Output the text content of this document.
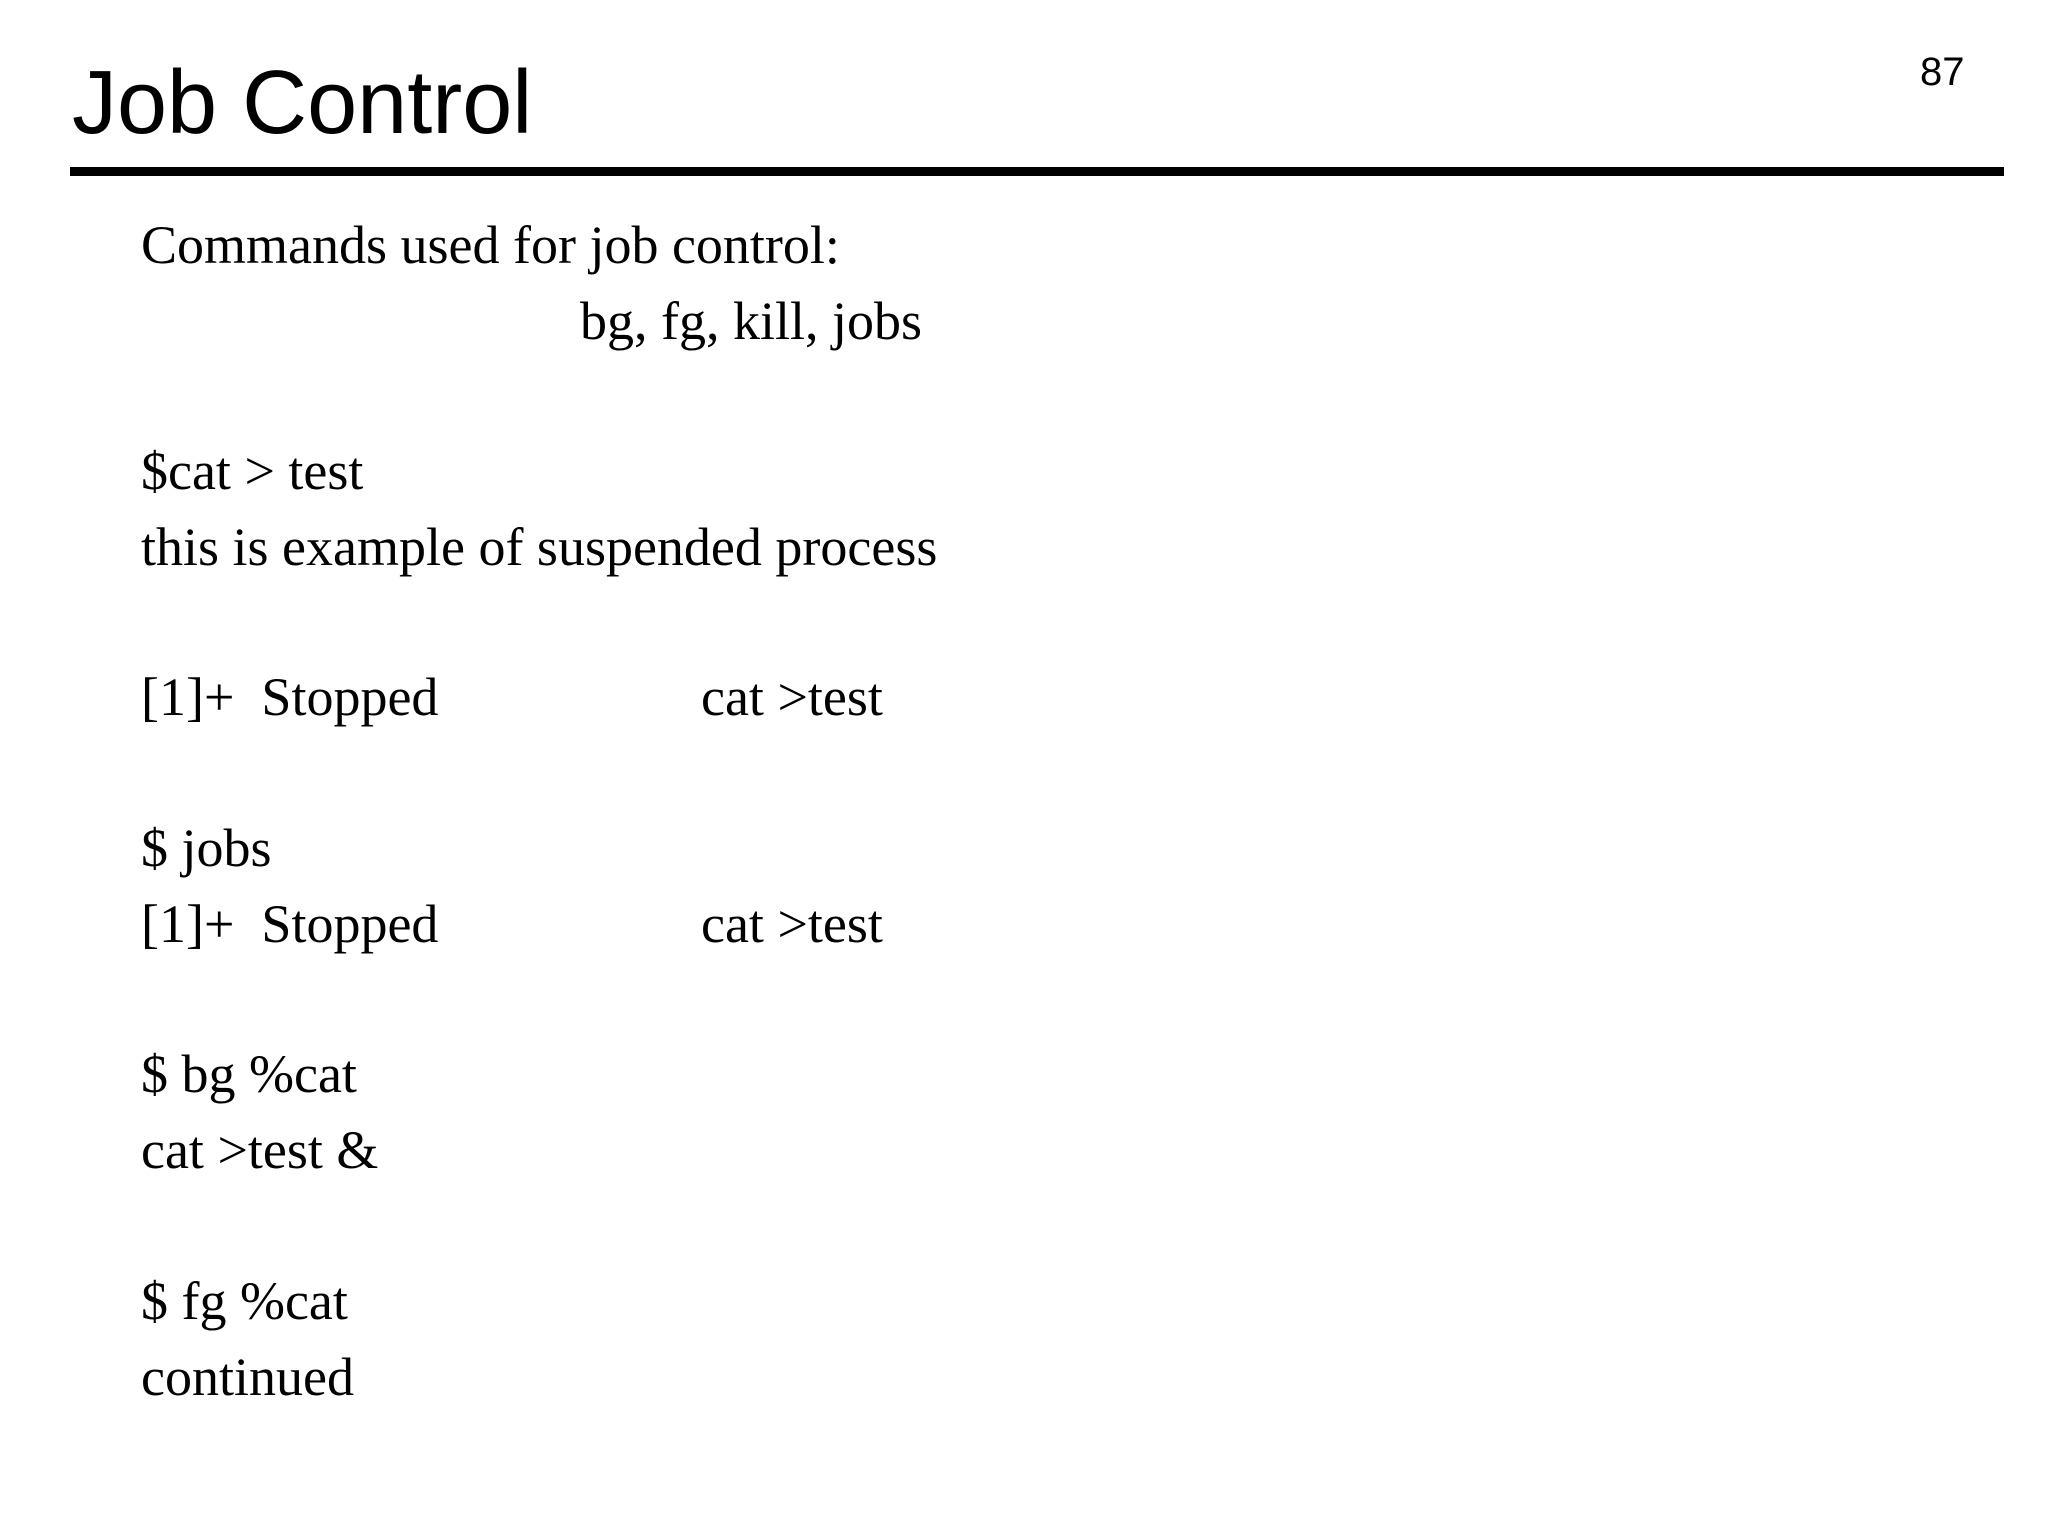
87

Job Control

Commands used for job control:

bg, fg, kill, jobs

$cat > test

this is example of suspended process

[1]+  Stopped	cat >test

$ jobs

[1]+  Stopped	cat >test

$ bg %cat

cat >test &

$ fg %cat

continued
